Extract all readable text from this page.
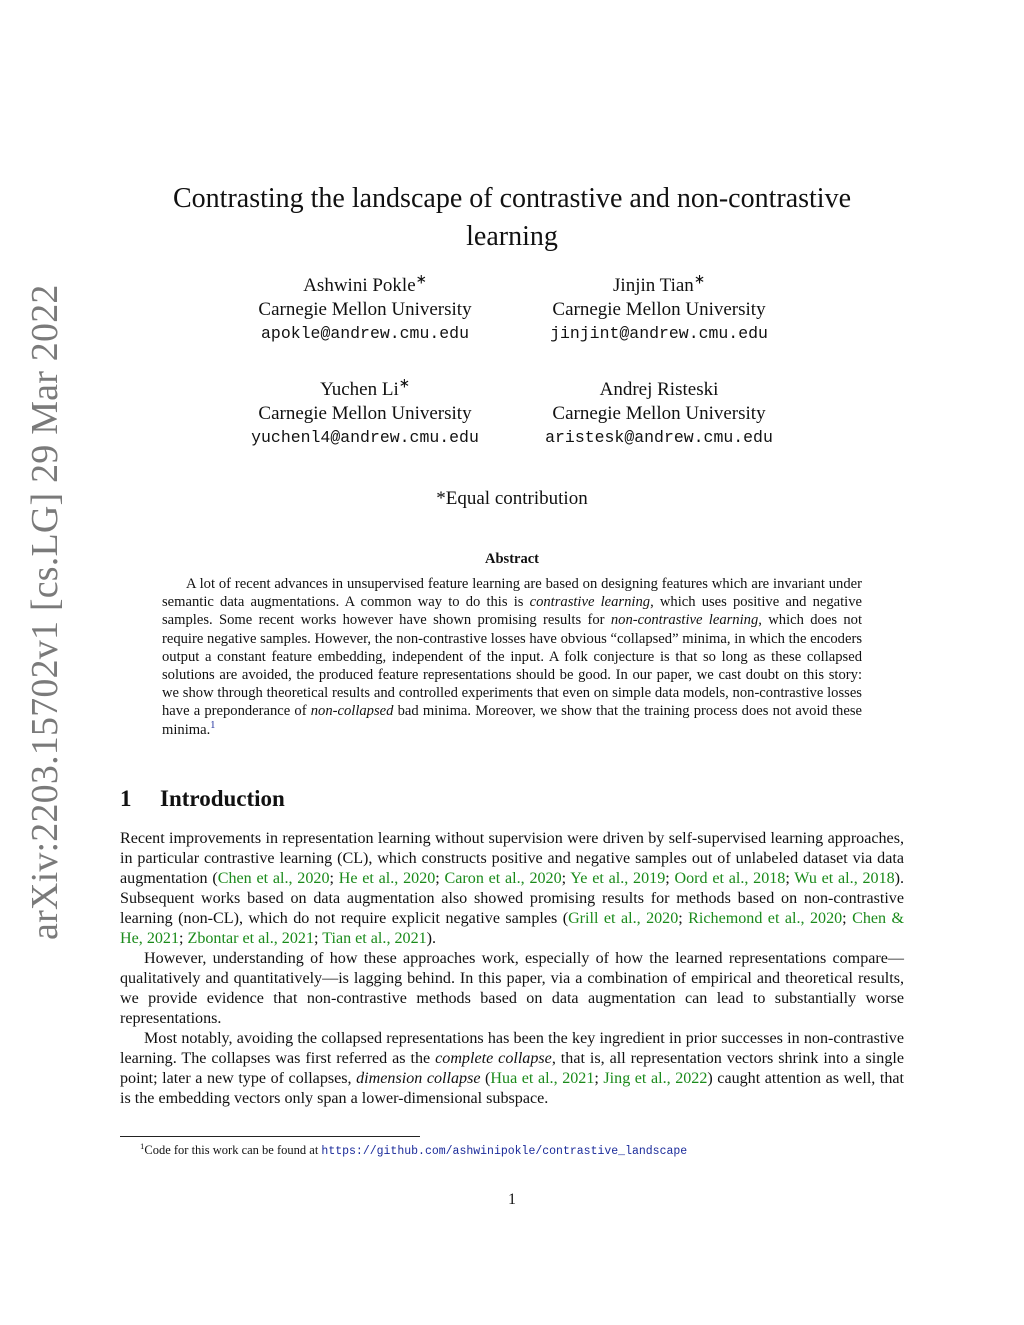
arXiv:2203.15702v1 [cs.LG] 29 Mar 2022
Contrasting the landscape of contrastive and non-contrastive
learning
Ashwini Pokle∗
Carnegie Mellon University
apokle@andrew.cmu.edu
Jinjin Tian∗
Carnegie Mellon University
jinjint@andrew.cmu.edu
Yuchen Li∗
Carnegie Mellon University
yuchenl4@andrew.cmu.edu
Andrej Risteski
Carnegie Mellon University
aristesk@andrew.cmu.edu
*Equal contribution
Abstract

A lot of recent advances in unsupervised feature learning are based on designing features which are invariant under semantic data augmentations. A common way to do this is contrastive learning, which uses positive and negative samples. Some recent works however have shown promising results for non-contrastive learning, which does not require negative samples. However, the non-contrastive losses have obvious “collapsed” minima, in which the encoders output a constant feature embedding, independent of the input. A folk conjecture is that so long as these collapsed solutions are avoided, the produced feature representations should be good. In our paper, we cast doubt on this story: we show through theoretical results and controlled experiments that even on simple data models, non-contrastive losses have a preponderance of non-collapsed bad minima. Moreover, we show that the training process does not avoid these minima.$^1$

1 Introduction

Recent improvements in representation learning without supervision were driven by self-supervised learning approaches, in particular contrastive learning (CL), which constructs positive and negative samples out of unlabeled dataset via data augmentation (Chen et al., 2020; He et al., 2020; Caron et al., 2020; Ye et al., 2019; Oord et al., 2018; Wu et al., 2018). Subsequent works based on data augmentation also showed promising results for methods based on non-contrastive learning (non-CL), which do not require explicit negative samples (Grill et al., 2020; Richemond et al., 2020; Chen & He, 2021; Zbontar et al., 2021; Tian et al., 2021).

However, understanding of how these approaches work, especially of how the learned representations compare—qualitatively and quantitatively—is lagging behind. In this paper, via a combination of empirical and theoretical results, we provide evidence that non-contrastive methods based on data augmentation can lead to substantially worse representations.

Most notably, avoiding the collapsed representations has been the key ingredient in prior successes in non-contrastive learning. The collapses was first referred as the complete collapse, that is, all representation vectors shrink into a single point; later a new type of collapses, dimension collapse (Hua et al., 2021; Jing et al., 2022) caught attention as well, that is the embedding vectors only span a lower-dimensional subspace.

$^1$Code for this work can be found at https://github.com/ashwinipokle/contrastive_landscape
1
